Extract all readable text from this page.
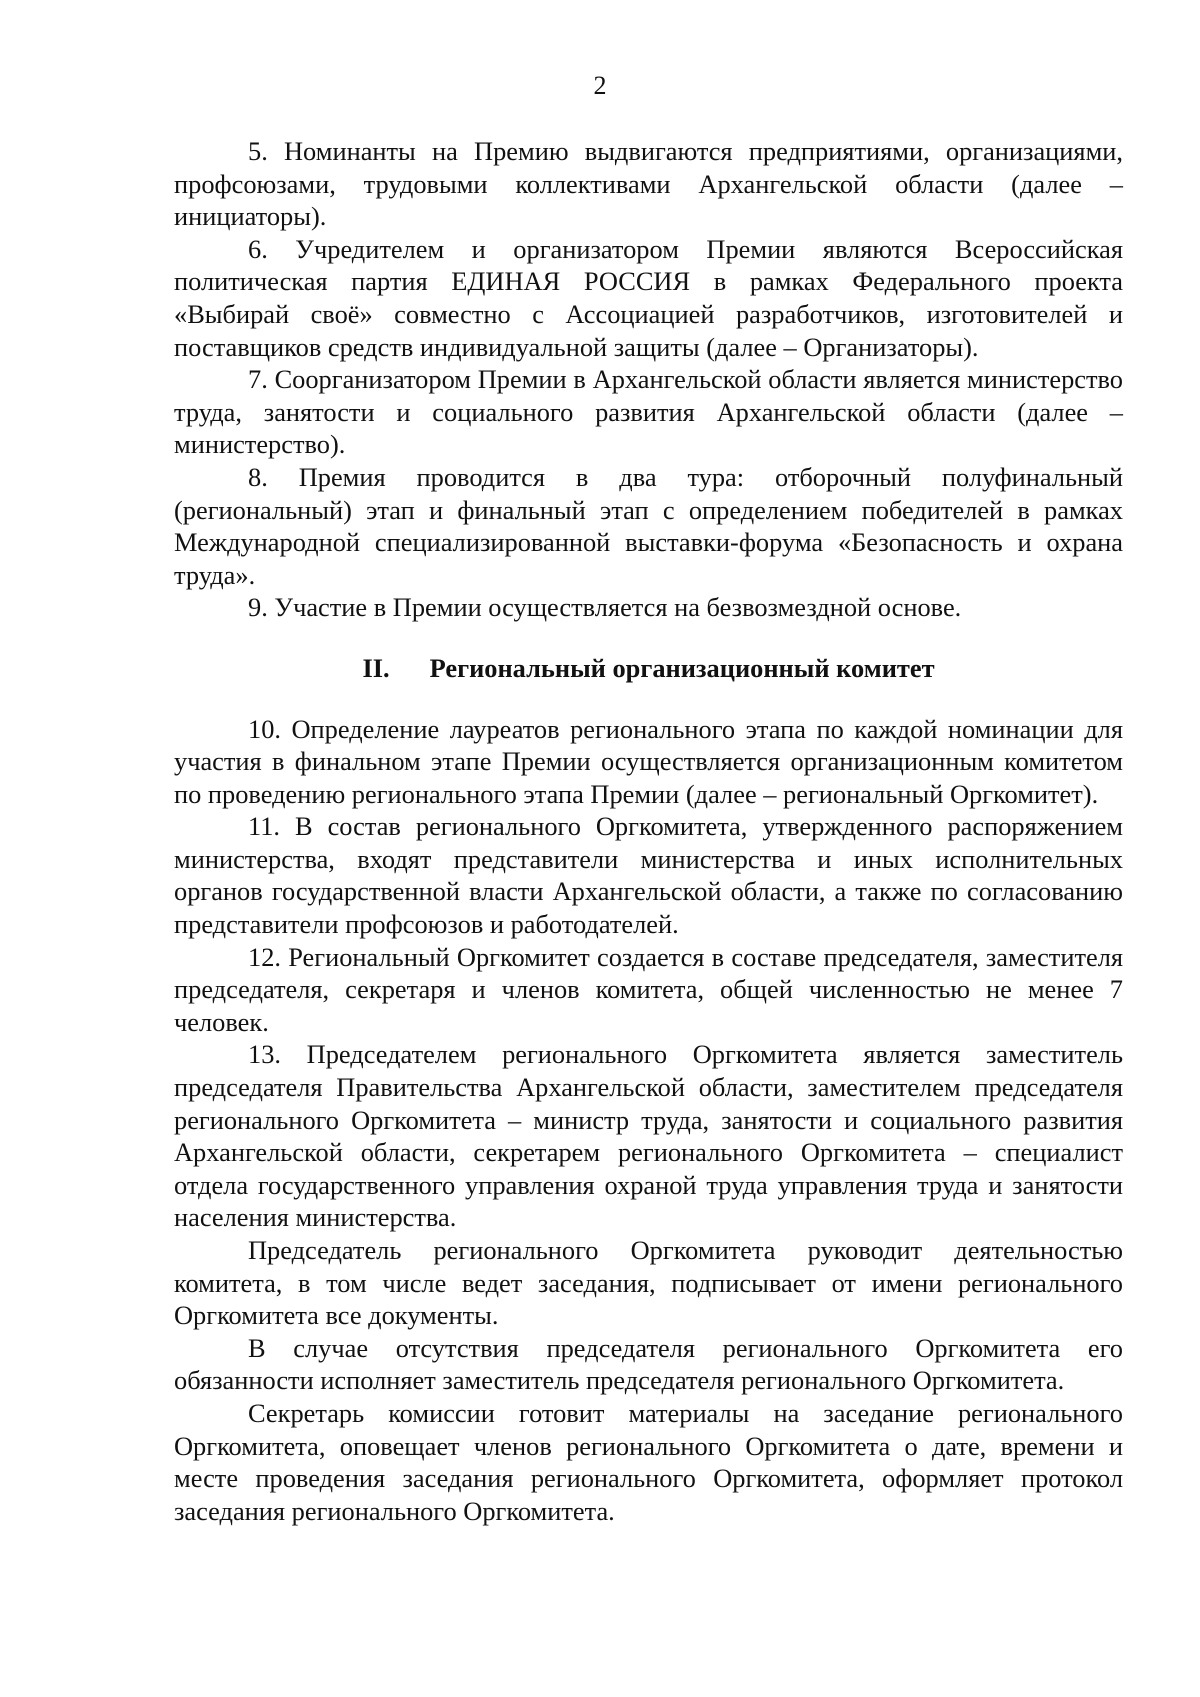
2

5. Номинанты на Премию выдвигаются предприятиями, организациями, профсоюзами, трудовыми коллективами Архангельской области (далее – инициаторы).

6. Учредителем и организатором Премии являются Всероссийская политическая партия ЕДИНАЯ РОССИЯ в рамках Федерального проекта «Выбирай своё» совместно с Ассоциацией разработчиков, изготовителей и поставщиков средств индивидуальной защиты (далее – Организаторы).

7. Соорганизатором Премии в Архангельской области является министерство труда, занятости и социального развития Архангельской области (далее – министерство).

8. Премия проводится в два тура: отборочный полуфинальный (региональный) этап и финальный этап с определением победителей в рамках Международной специализированной выставки-форума «Безопасность и охрана труда».

9. Участие в Премии осуществляется на безвозмездной основе.

II. Региональный организационный комитет

10. Определение лауреатов регионального этапа по каждой номинации для участия в финальном этапе Премии осуществляется организационным комитетом по проведению регионального этапа Премии (далее – региональный Оргкомитет).

11. В состав регионального Оргкомитета, утвержденного распоряжением министерства, входят представители министерства и иных исполнительных органов государственной власти Архангельской области, а также по согласованию представители профсоюзов и работодателей.

12. Региональный Оргкомитет создается в составе председателя, заместителя председателя, секретаря и членов комитета, общей численностью не менее 7 человек.

13. Председателем регионального Оргкомитета является заместитель председателя Правительства Архангельской области, заместителем председателя регионального Оргкомитета – министр труда, занятости и социального развития Архангельской области, секретарем регионального Оргкомитета – специалист отдела государственного управления охраной труда управления труда и занятости населения министерства.

Председатель регионального Оргкомитета руководит деятельностью комитета, в том числе ведет заседания, подписывает от имени регионального Оргкомитета все документы.

В случае отсутствия председателя регионального Оргкомитета его обязанности исполняет заместитель председателя регионального Оргкомитета.

Секретарь комиссии готовит материалы на заседание регионального Оргкомитета, оповещает членов регионального Оргкомитета о дате, времени и месте проведения заседания регионального Оргкомитета, оформляет протокол заседания регионального Оргкомитета.
